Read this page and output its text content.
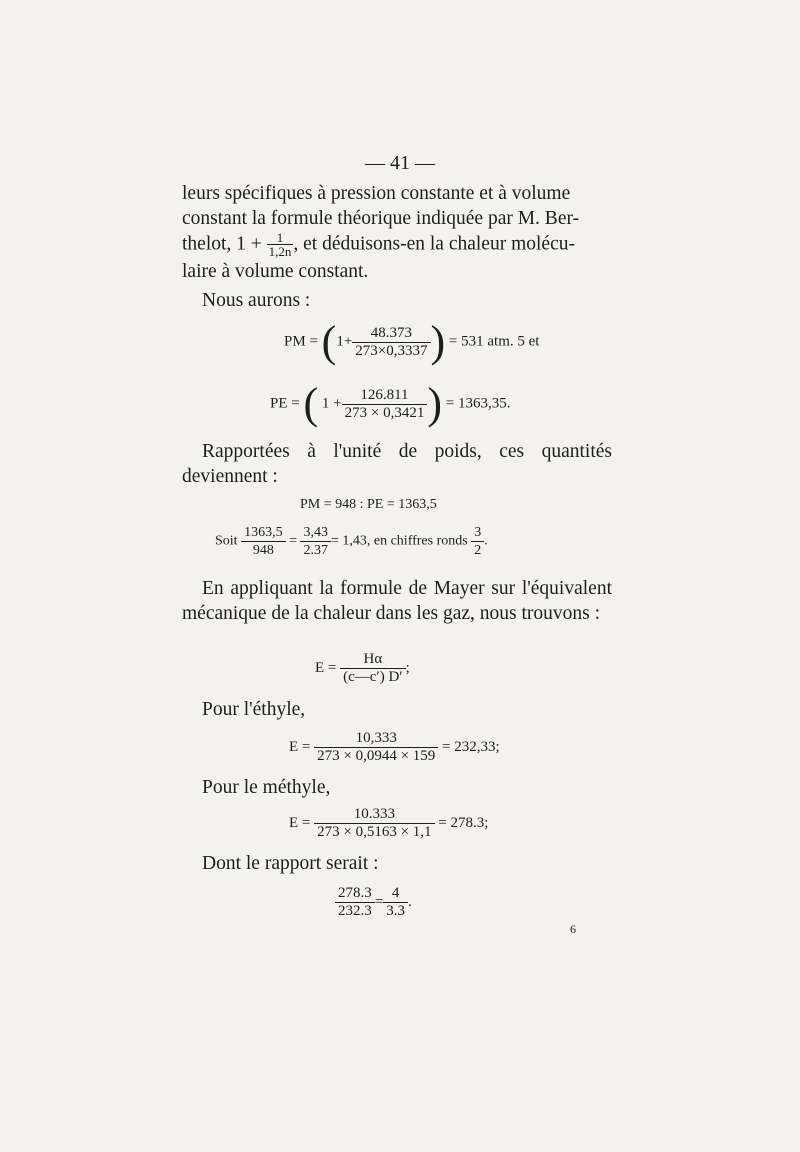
— 41 —
leurs spécifiques à pression constante et à volume
constant la formule théorique indiquée par M. Ber-
thelot, $1 + \frac{1}{1,2n}$ , et déduisons-en la chaleur molécu-
laire à volume constant.
Nous aurons :
PM = ($1+ \frac{48.373}{273\times 0,3337}$ ) = 531 atm. 5 et
PE = ( $1 + \frac{126.811}{273 \times 0,3421}$ ) = 1363,35.
Rapportées à l'unité de poids, ces quantités deviennent :
PM = 948 : PE = 1363,5
Soit $\frac{1363,5}{948} = \frac{3,43}{2.37} = 1,43$, en chiffres ronds $\frac{3}{2}$ .
En appliquant la formule de Mayer sur l'équivalent mécanique de la chaleur dans les gaz, nous trouvons :
$E = \frac{H\alpha}{(c—c') D'}$ ;
Pour l'éthyle,
$E = \frac{10,333}{273 \times 0,0944 \times 159} = 232,33$;
Pour le méthyle,
$E = \frac{10.333}{273 \times 0,5163 \times 1,1} = 278.3$;
Dont le rapport serait :
$\frac{278.3}{232.3} = \frac{4}{3.3}$ .
6
